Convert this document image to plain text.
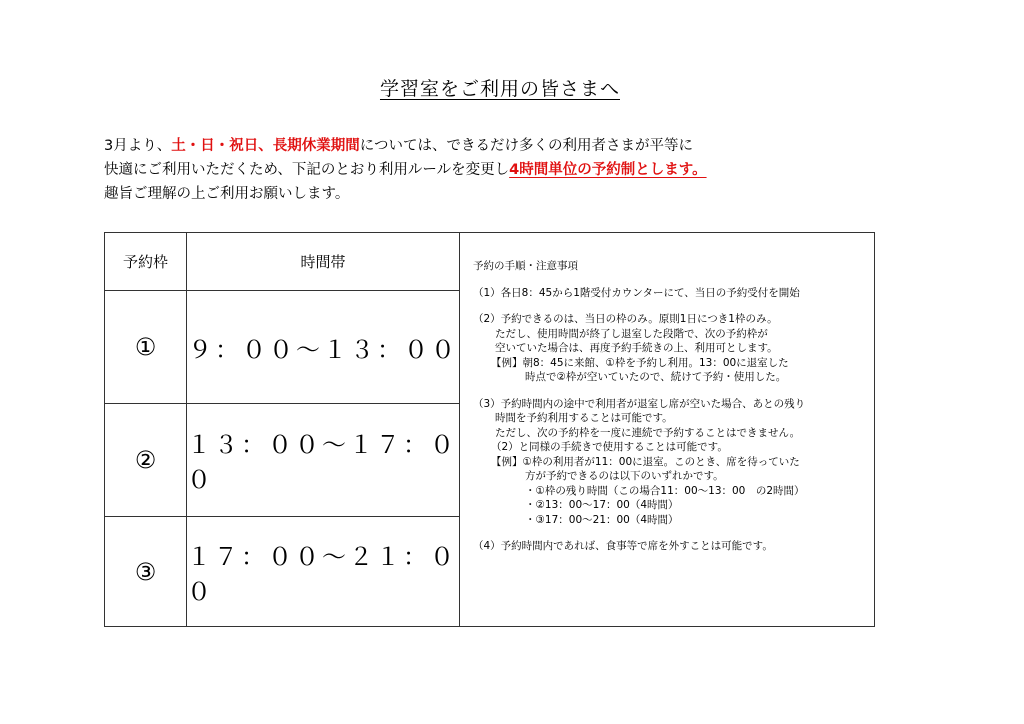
学習室をご利用の皆さまへ
3月より、土・日・祝日、長期休業期間については、できるだけ多くの利用者さまが平等に
快適にご利用いただくため、下記のとおり利用ルールを変更し4時間単位の予約制とします。
趣旨ご理解の上ご利用お願いします。
予約枠	時間帯
①	９：００～１３：００
②
１３：００～１７：００
③
１７：００～２１：００
予約の手順・注意事項
（1）各日8：45から1階受付カウンターにて、当日の予約受付を開始
（2）予約できるのは、当日の枠のみ。原則1日につき1枠のみ。
ただし、使用時間が終了し退室した段階で、次の予約枠が
空いていた場合は、再度予約手続きの上、利用可とします。
【例】朝8：45に来館、①枠を予約し利用。13：00に退室した
時点で②枠が空いていたので、続けて予約・使用した。
（3）予約時間内の途中で利用者が退室し席が空いた場合、あとの残り
時間を予約利用することは可能です。
ただし、次の予約枠を一度に連続で予約することはできません。
（2）と同様の手続きで使用することは可能です。
【例】①枠の利用者が11：00に退室。このとき、席を待っていた
方が予約できるのは以下のいずれかです。
・①枠の残り時間（この場合11：00～13：00　の2時間）
・②13：00～17：00（4時間）
・③17：00～21：00（4時間）
（4）予約時間内であれば、食事等で席を外すことは可能です。
